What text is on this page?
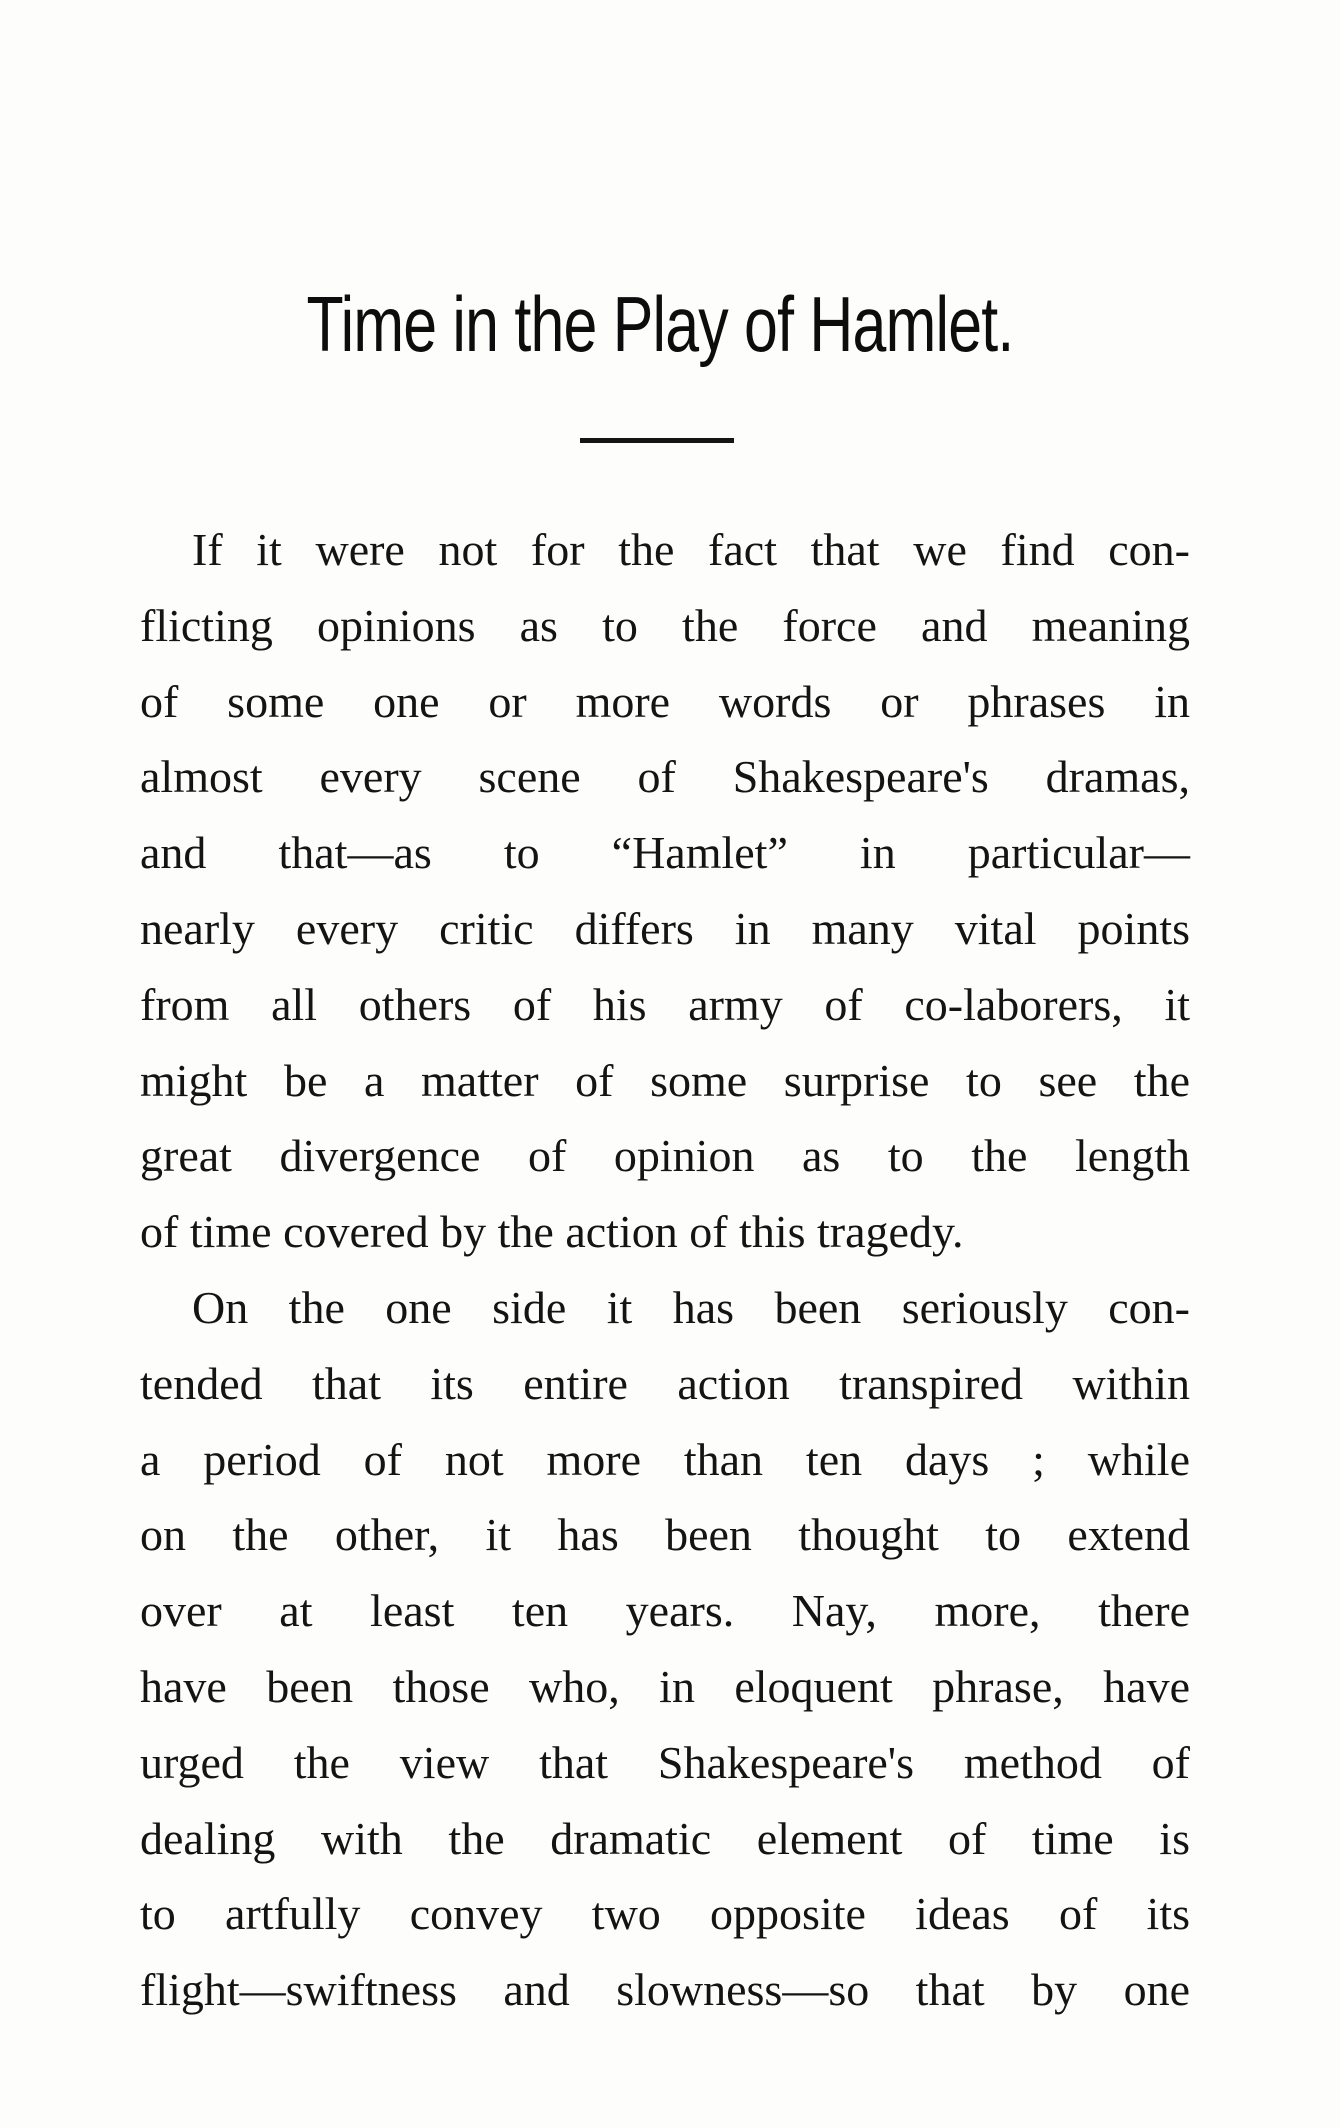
Time in the Play of Hamlet.
If it were not for the fact that we find con-
flicting opinions as to the force and meaning
of some one or more words or phrases in
almost every scene of Shakespeare's dramas,
and that—as to “Hamlet” in particular—
nearly every critic differs in many vital points
from all others of his army of co-laborers, it
might be a matter of some surprise to see the
great divergence of opinion as to the length
of time covered by the action of this tragedy.
On the one side it has been seriously con-
tended that its entire action transpired within
a period of not more than ten days ; while
on the other, it has been thought to extend
over at least ten years. Nay, more, there
have been those who, in eloquent phrase, have
urged the view that Shakespeare's method of
dealing with the dramatic element of time is
to artfully convey two opposite ideas of its
flight—swiftness and slowness—so that by one
